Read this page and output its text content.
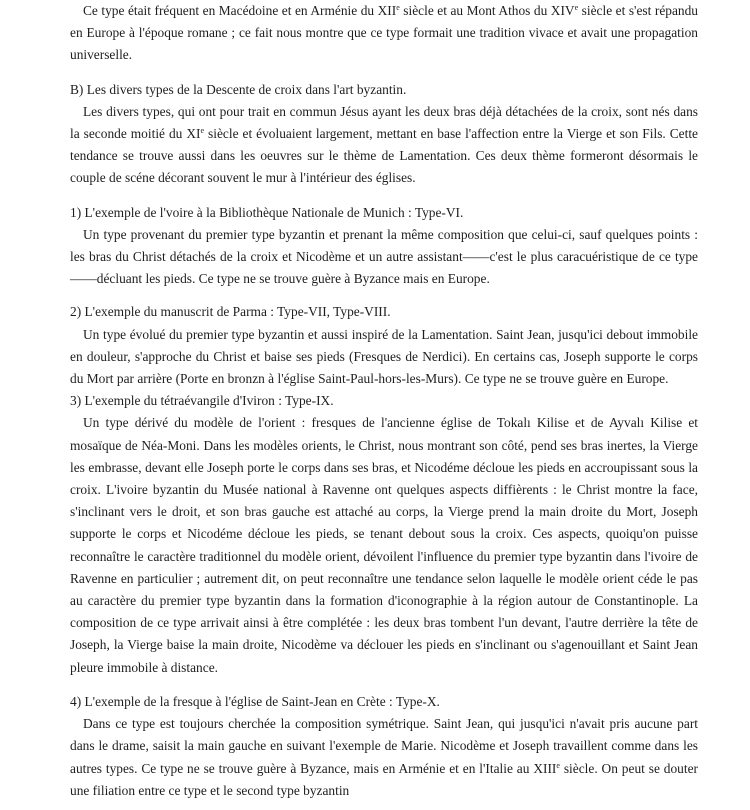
Ce type était fréquent en Macédoine et en Arménie du XIIe siècle et au Mont Athos du XIVe siècle et s'est répandu en Europe à l'époque romane ; ce fait nous montre que ce type formait une tradition vivace et avait une propagation universelle.

B) Les divers types de la Descente de croix dans l'art byzantin.

Les divers types, qui ont pour trait en commun Jésus ayant les deux bras déjà détachées de la croix, sont nés dans la seconde moitié du XIe siècle et évoluaient largement, mettant en base l'affection entre la Vierge et son Fils. Cette tendance se trouve aussi dans les oeuvres sur le thème de Lamentation. Ces deux thème formeront désormais le couple de scéne décorant souvent le mur à l'intérieur des églises.

1) L'exemple de l'voire à la Bibliothèque Nationale de Munich : Type-VI.

Un type provenant du premier type byzantin et prenant la même composition que celui-ci, sauf quelques points : les bras du Christ détachés de la croix et Nicodème et un autre assistant——c'est le plus caracuéristique de ce type——décluant les pieds. Ce type ne se trouve guère à Byzance mais en Europe.

2) L'exemple du manuscrit de Parma : Type-VII, Type-VIII.

Un type évolué du premier type byzantin et aussi inspiré de la Lamentation. Saint Jean, jusqu'ici debout immobile en douleur, s'approche du Christ et baise ses pieds (Fresques de Nerdici). En certains cas, Joseph supporte le corps du Mort par arrière (Porte en bronzn à l'église Saint-Paul-hors-les-Murs). Ce type ne se trouve guère en Europe.

3) L'exemple du tétraévangile d'Iviron : Type-IX.

Un type dérivé du modèle de l'orient : fresques de l'ancienne église de Tokalı Kilise et de Ayvalı Kilise et mosaïque de Néa-Moni. Dans les modèles orients, le Christ, nous montrant son côté, pend ses bras inertes, la Vierge les embrasse, devant elle Joseph porte le corps dans ses bras, et Nicodéme décloue les pieds en accroupissant sous la croix. L'ivoire byzantin du Musée national à Ravenne ont quelques aspects diffièrents : le Christ montre la face, s'inclinant vers le droit, et son bras gauche est attaché au corps, la Vierge prend la main droite du Mort, Joseph supporte le corps et Nicodéme décloue les pieds, se tenant debout sous la croix. Ces aspects, quoiqu'on puisse reconnaître le caractère traditionnel du modèle orient, dévoilent l'influence du premier type byzantin dans l'ivoire de Ravenne en particulier ; autrement dit, on peut reconnaître une tendance selon laquelle le modèle orient céde le pas au caractère du premier type byzantin dans la formation d'iconographie à la région autour de Constantinople. La composition de ce type arrivait ainsi à être complétée : les deux bras tombent l'un devant, l'autre derrière la tête de Joseph, la Vierge baise la main droite, Nicodème va déclouer les pieds en s'inclinant ou s'agenouillant et Saint Jean pleure immobile à distance.

4) L'exemple de la fresque à l'église de Saint-Jean en Crète : Type-X.

Dans ce type est toujours cherchée la composition symétrique. Saint Jean, qui jusqu'ici n'avait pris aucune part dans le drame, saisit la main gauche en suivant l'exemple de Marie. Nicodème et Joseph travaillent comme dans les autres types. Ce type ne se trouve guère à Byzance, mais en Arménie et en l'Italie au XIIIe siècle. On peut se douter une filiation entre ce type et le second type byzantin
